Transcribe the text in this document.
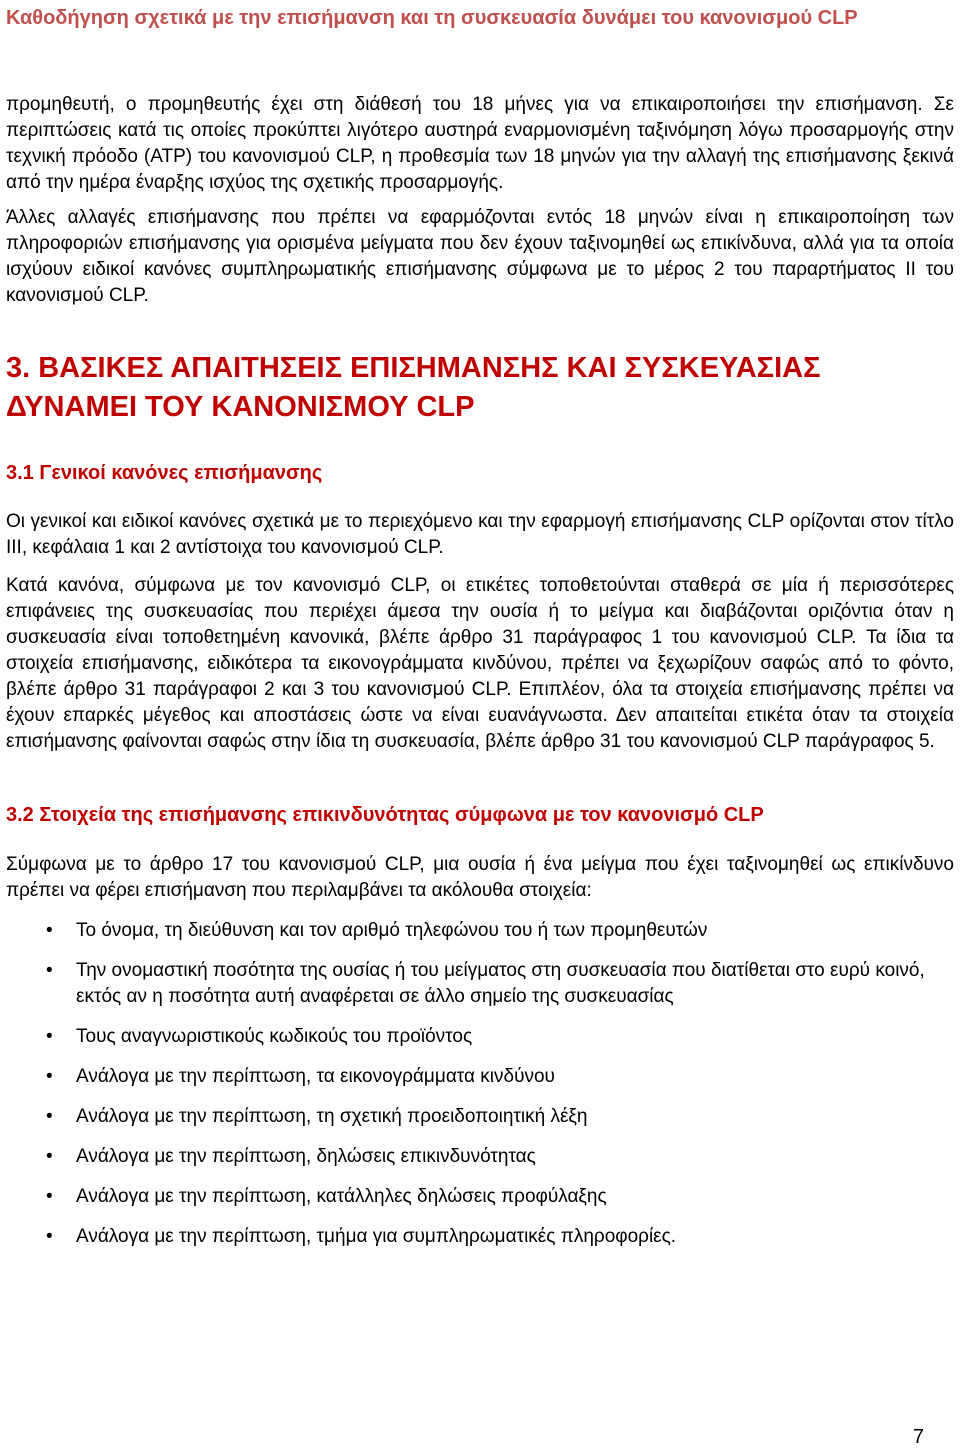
Καθοδήγηση σχετικά με την επισήμανση και τη συσκευασία δυνάμει του κανονισμού CLP

προμηθευτή, ο προμηθευτής έχει στη διάθεσή του 18 μήνες για να επικαιροποιήσει την επισήμανση. Σε περιπτώσεις κατά τις οποίες προκύπτει λιγότερο αυστηρά εναρμονισμένη ταξινόμηση λόγω προσαρμογής στην τεχνική πρόοδο (ATP) του κανονισμού CLP, η προθεσμία των 18 μηνών για την αλλαγή της επισήμανσης ξεκινά από την ημέρα έναρξης ισχύος της σχετικής προσαρμογής.

Άλλες αλλαγές επισήμανσης που πρέπει να εφαρμόζονται εντός 18 μηνών είναι η επικαιροποίηση των πληροφοριών επισήμανσης για ορισμένα μείγματα που δεν έχουν ταξινομηθεί ως επικίνδυνα, αλλά για τα οποία ισχύουν ειδικοί κανόνες συμπληρωματικής επισήμανσης σύμφωνα με το μέρος 2 του παραρτήματος II του κανονισμού CLP.

3. ΒΑΣΙΚΕΣ ΑΠΑΙΤΗΣΕΙΣ ΕΠΙΣΗΜΑΝΣΗΣ ΚΑΙ ΣΥΣΚΕΥΑΣΙΑΣ
ΔΥΝΑΜΕΙ ΤΟΥ ΚΑΝΟΝΙΣΜΟΥ CLP
3.1 Γενικοί κανόνες επισήμανσης

Οι γενικοί και ειδικοί κανόνες σχετικά με το περιεχόμενο και την εφαρμογή επισήμανσης CLP ορίζονται στον τίτλο III, κεφάλαια 1 και 2 αντίστοιχα του κανονισμού CLP.

Κατά κανόνα, σύμφωνα με τον κανονισμό CLP, οι ετικέτες τοποθετούνται σταθερά σε μία ή περισσότερες επιφάνειες της συσκευασίας που περιέχει άμεσα την ουσία ή το μείγμα και διαβάζονται οριζόντια όταν η συσκευασία είναι τοποθετημένη κανονικά, βλέπε άρθρο 31 παράγραφος 1 του κανονισμού CLP. Τα ίδια τα στοιχεία επισήμανσης, ειδικότερα τα εικονογράμματα κινδύνου, πρέπει να ξεχωρίζουν σαφώς από το φόντο, βλέπε άρθρο 31 παράγραφοι 2 και 3 του κανονισμού CLP. Επιπλέον, όλα τα στοιχεία επισήμανσης πρέπει να έχουν επαρκές μέγεθος και αποστάσεις ώστε να είναι ευανάγνωστα. Δεν απαιτείται ετικέτα όταν τα στοιχεία επισήμανσης φαίνονται σαφώς στην ίδια τη συσκευασία, βλέπε άρθρο 31 του κανονισμού CLP παράγραφος 5.

3.2 Στοιχεία της επισήμανσης επικινδυνότητας σύμφωνα με τον κανονισμό CLP

Σύμφωνα με το άρθρο 17 του κανονισμού CLP, μια ουσία ή ένα μείγμα που έχει ταξινομηθεί ως επικίνδυνο πρέπει να φέρει επισήμανση που περιλαμβάνει τα ακόλουθα στοιχεία:

• Το όνομα, τη διεύθυνση και τον αριθμό τηλεφώνου του ή των προμηθευτών
• Την ονομαστική ποσότητα της ουσίας ή του μείγματος στη συσκευασία που διατίθεται στο ευρύ κοινό, εκτός αν η ποσότητα αυτή αναφέρεται σε άλλο σημείο της συσκευασίας
• Τους αναγνωριστικούς κωδικούς του προϊόντος
• Ανάλογα με την περίπτωση, τα εικονογράμματα κινδύνου
• Ανάλογα με την περίπτωση, τη σχετική προειδοποιητική λέξη
• Ανάλογα με την περίπτωση, δηλώσεις επικινδυνότητας
• Ανάλογα με την περίπτωση, κατάλληλες δηλώσεις προφύλαξης
• Ανάλογα με την περίπτωση, τμήμα για συμπληρωματικές πληροφορίες.
7
